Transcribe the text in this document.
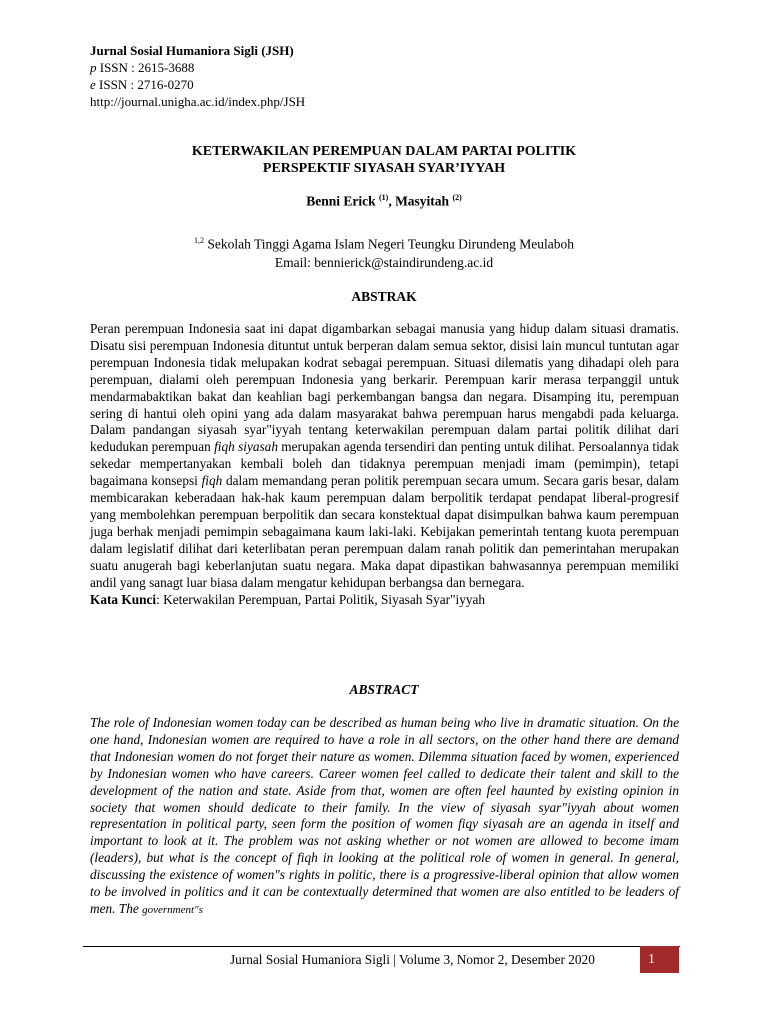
Jurnal Sosial Humaniora Sigli (JSH)
p ISSN : 2615-3688
e ISSN : 2716-0270
http://journal.unigha.ac.id/index.php/JSH
KETERWAKILAN PEREMPUAN DALAM PARTAI POLITIK
PERSPEKTIF SIYASAH SYAR’IYYAH
Benni Erick $^{(1)}$, Masyitah $^{(2)}$
$^{1,2}$ Sekolah Tinggi Agama Islam Negeri Teungku Dirundeng Meulaboh
Email: bennierick@staindirundeng.ac.id
ABSTRAK
Peran perempuan Indonesia saat ini dapat digambarkan sebagai manusia yang hidup dalam situasi dramatis. Disatu sisi perempuan Indonesia dituntut untuk berperan dalam semua sektor, disisi lain muncul tuntutan agar perempuan Indonesia tidak melupakan kodrat sebagai perempuan. Situasi dilematis yang dihadapi oleh para perempuan, dialami oleh perempuan Indonesia yang berkarir. Perempuan karir merasa terpanggil untuk mendarmabaktikan bakat dan keahlian bagi perkembangan bangsa dan negara. Disamping itu, perempuan sering di hantui oleh opini yang ada dalam masyarakat bahwa perempuan harus mengabdi pada keluarga. Dalam pandangan siyasah syar"iyyah tentang keterwakilan perempuan dalam partai politik dilihat dari kedudukan perempuan fiqh siyasah merupakan agenda tersendiri dan penting untuk dilihat. Persoalannya tidak sekedar mempertanyakan kembali boleh dan tidaknya perempuan menjadi imam (pemimpin), tetapi bagaimana konsepsi fiqh dalam memandang peran politik perempuan secara umum. Secara garis besar, dalam membicarakan keberadaan hak-hak kaum perempuan dalam berpolitik terdapat pendapat liberal-progresif yang membolehkan perempuan berpolitik dan secara konstektual dapat disimpulkan bahwa kaum perempuan juga berhak menjadi pemimpin sebagaimana kaum laki-laki. Kebijakan pemerintah tentang kuota perempuan dalam legislatif dilihat dari keterlibatan peran perempuan dalam ranah politik dan pemerintahan merupakan suatu anugerah bagi keberlanjutan suatu negara. Maka dapat dipastikan bahwasannya perempuan memiliki andil yang sanagt luar biasa dalam mengatur kehidupan berbangsa dan bernegara.
Kata Kunci: Keterwakilan Perempuan, Partai Politik, Siyasah Syar"iyyah
ABSTRACT
The role of Indonesian women today can be described as human being who live in dramatic situation. On the one hand, Indonesian women are required to have a role in all sectors, on the other hand there are demand that Indonesian women do not forget their nature as women. Dilemma situation faced by women, experienced by Indonesian women who have careers. Career women feel called to dedicate their talent and skill to the development of the nation and state. Aside from that, women are often feel haunted by existing opinion in society that women should dedicate to their family. In the view of siyasah syar"iyyah about women representation in political party, seen form the position of women fiqy siyasah are an agenda in itself and important to look at it. The problem was not asking whether or not women are allowed to become imam (leaders), but what is the concept of fiqh in looking at the political role of women in general. In general, discussing the existence of women"s rights in politic, there is a progressive-liberal opinion that allow women to be involved in politics and it can be contextually determined that women are also entitled to be leaders of men. The government"s
Jurnal Sosial Humaniora Sigli | Volume 3, Nomor 2, Desember 2020	1
